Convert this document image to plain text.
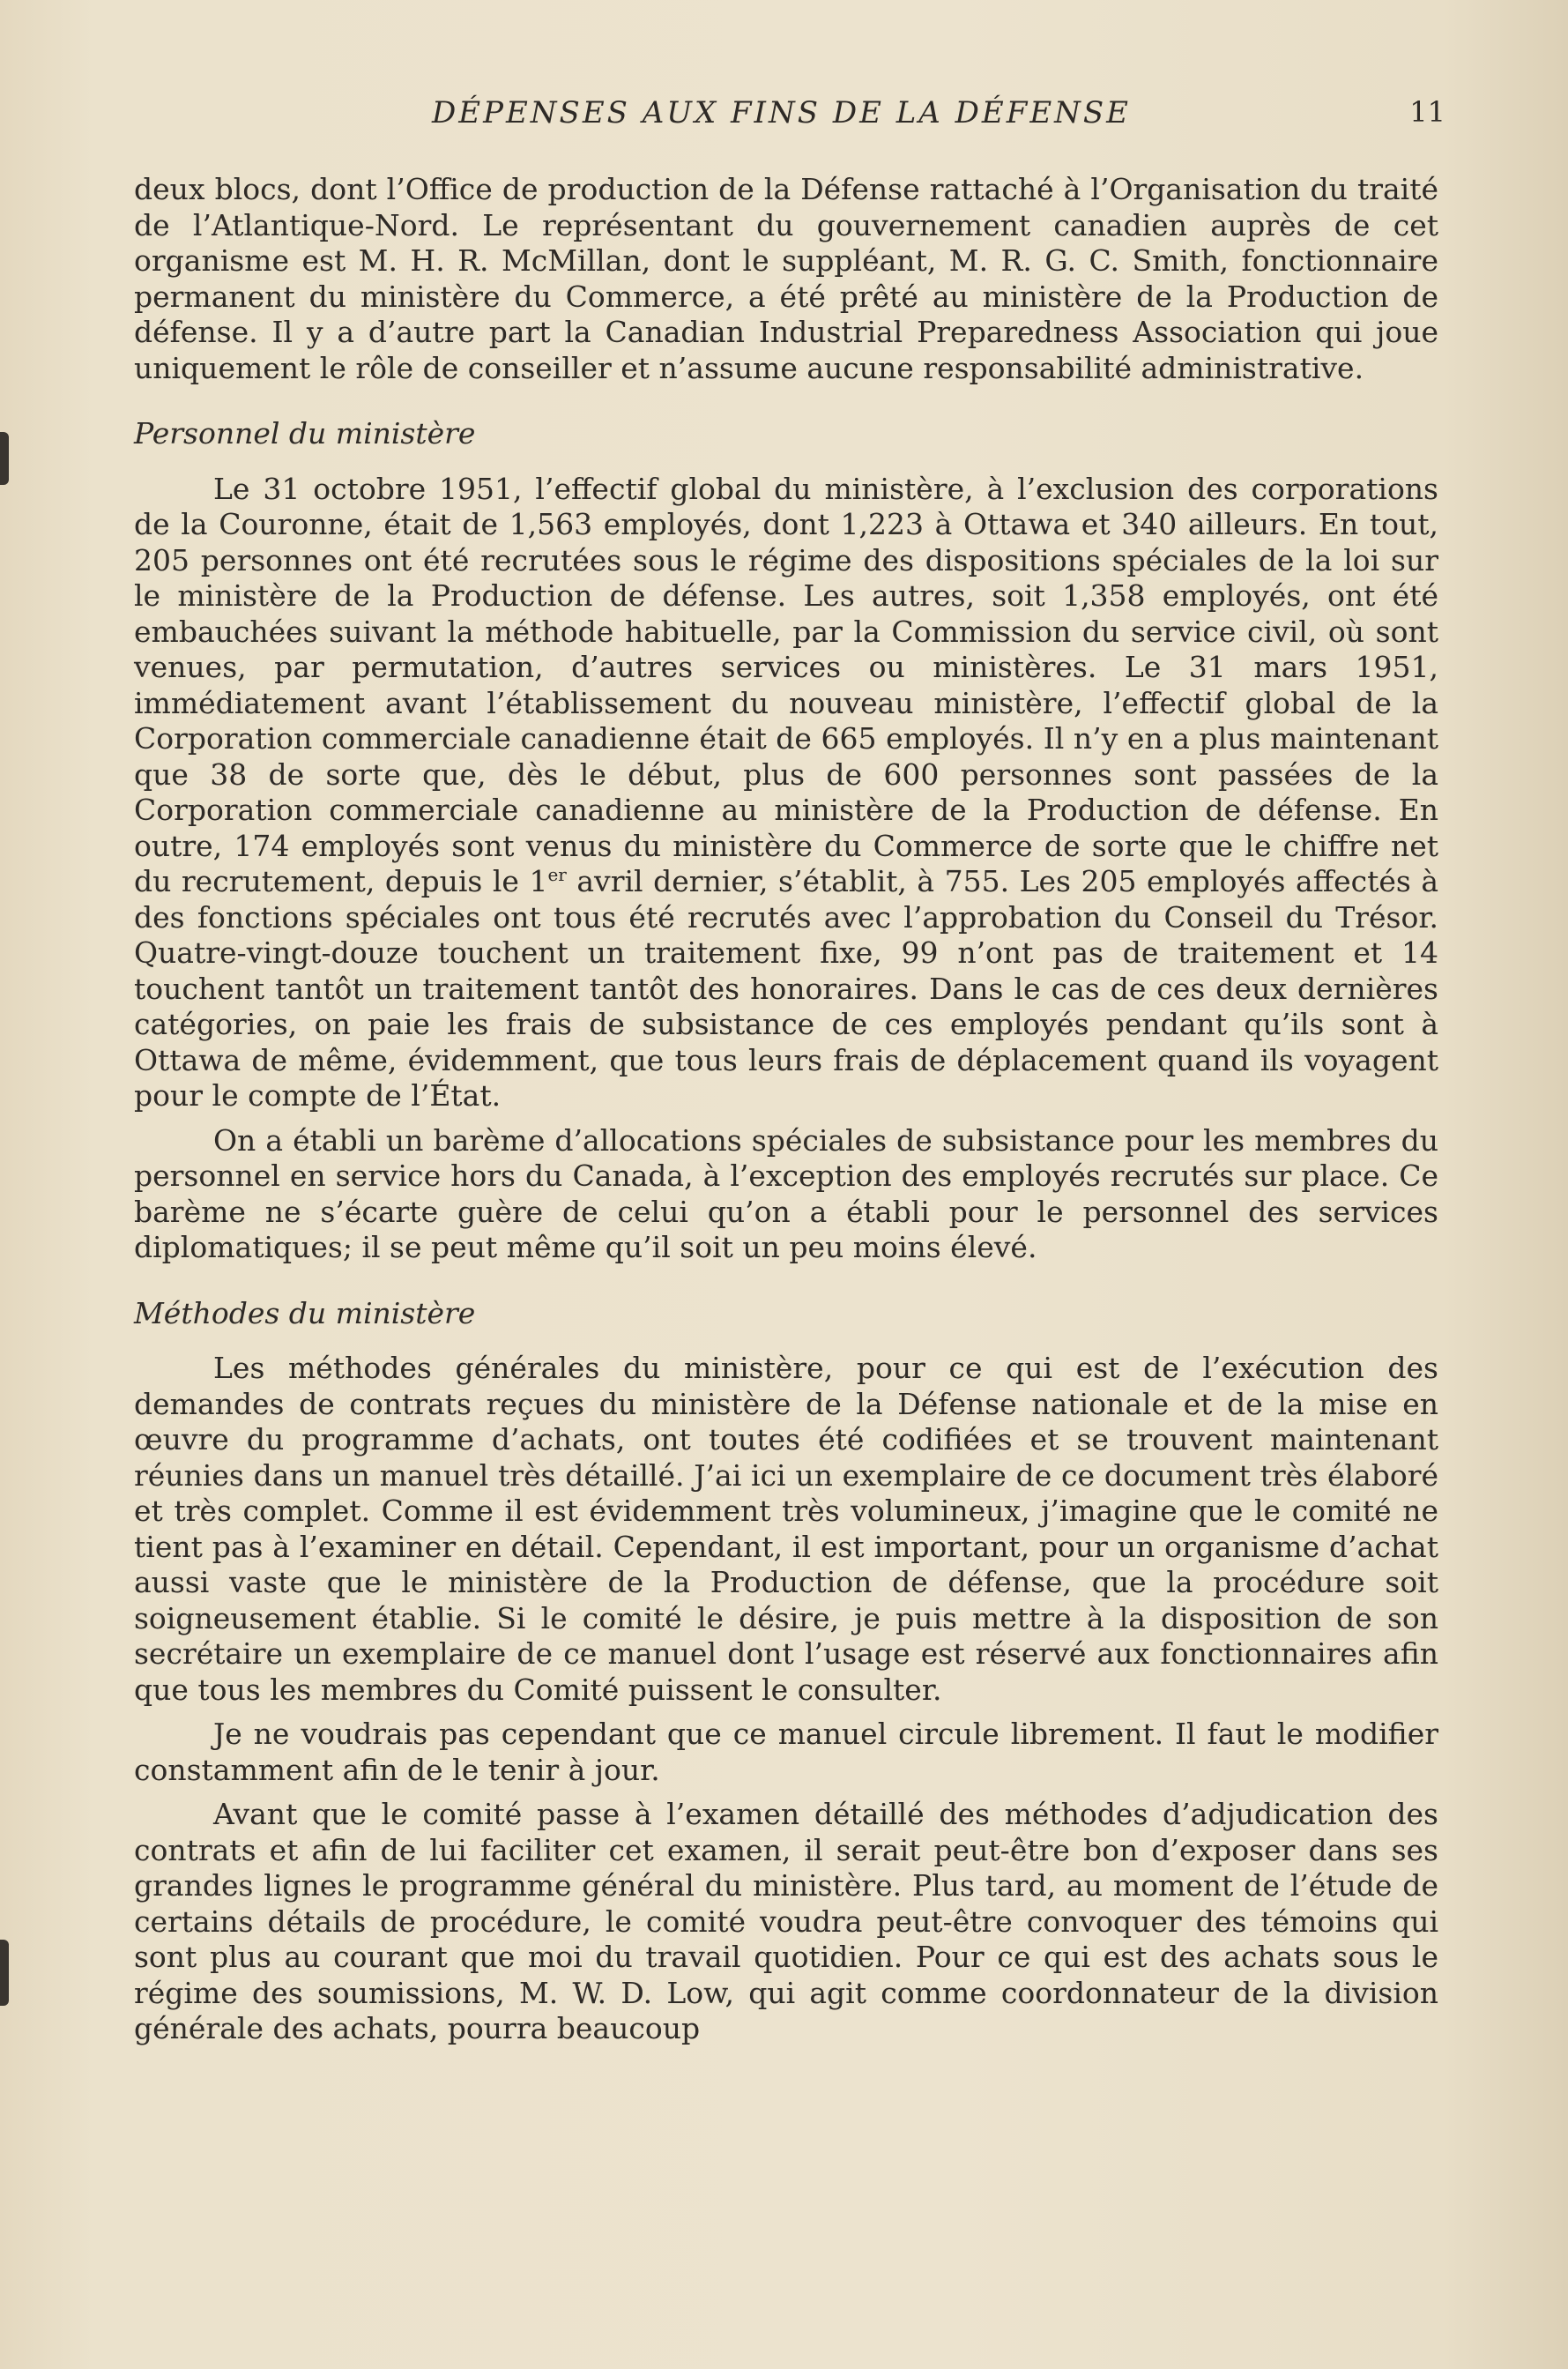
DÉPENSES AUX FINS DE LA DÉFENSE	11

deux blocs, dont l’Office de production de la Défense rattaché à l’Organisation du traité de l’Atlantique-Nord. Le représentant du gouvernement canadien auprès de cet organisme est M. H. R. McMillan, dont le suppléant, M. R. G. C. Smith, fonctionnaire permanent du ministère du Commerce, a été prêté au ministère de la Production de défense. Il y a d’autre part la Canadian Industrial Preparedness Association qui joue uniquement le rôle de conseiller et n’assume aucune responsabilité administrative.

Personnel du ministère

Le 31 octobre 1951, l’effectif global du ministère, à l’exclusion des corporations de la Couronne, était de 1,563 employés, dont 1,223 à Ottawa et 340 ailleurs. En tout, 205 personnes ont été recrutées sous le régime des dispositions spéciales de la loi sur le ministère de la Production de défense. Les autres, soit 1,358 employés, ont été embauchées suivant la méthode habituelle, par la Commission du service civil, où sont venues, par permutation, d’autres services ou ministères. Le 31 mars 1951, immédiatement avant l’établissement du nouveau ministère, l’effectif global de la Corporation commerciale canadienne était de 665 employés. Il n’y en a plus maintenant que 38 de sorte que, dès le début, plus de 600 personnes sont passées de la Corporation commerciale canadienne au ministère de la Production de défense. En outre, 174 employés sont venus du ministère du Commerce de sorte que le chiffre net du recrutement, depuis le 1er avril dernier, s’établit, à 755. Les 205 employés affectés à des fonctions spéciales ont tous été recrutés avec l’approbation du Conseil du Trésor. Quatre-vingt-douze touchent un traitement fixe, 99 n’ont pas de traitement et 14 touchent tantôt un traitement tantôt des honoraires. Dans le cas de ces deux dernières catégories, on paie les frais de subsistance de ces employés pendant qu’ils sont à Ottawa de même, évidemment, que tous leurs frais de déplacement quand ils voyagent pour le compte de l’État.

On a établi un barème d’allocations spéciales de subsistance pour les membres du personnel en service hors du Canada, à l’exception des employés recrutés sur place. Ce barème ne s’écarte guère de celui qu’on a établi pour le personnel des services diplomatiques; il se peut même qu’il soit un peu moins élevé.

Méthodes du ministère

Les méthodes générales du ministère, pour ce qui est de l’exécution des demandes de contrats reçues du ministère de la Défense nationale et de la mise en œuvre du programme d’achats, ont toutes été codifiées et se trouvent maintenant réunies dans un manuel très détaillé. J’ai ici un exemplaire de ce document très élaboré et très complet. Comme il est évidemment très volumineux, j’imagine que le comité ne tient pas à l’examiner en détail. Cependant, il est important, pour un organisme d’achat aussi vaste que le ministère de la Production de défense, que la procédure soit soigneusement établie. Si le comité le désire, je puis mettre à la disposition de son secrétaire un exemplaire de ce manuel dont l’usage est réservé aux fonctionnaires afin que tous les membres du Comité puissent le consulter.

Je ne voudrais pas cependant que ce manuel circule librement. Il faut le modifier constamment afin de le tenir à jour.

Avant que le comité passe à l’examen détaillé des méthodes d’adjudication des contrats et afin de lui faciliter cet examen, il serait peut-être bon d’exposer dans ses grandes lignes le programme général du ministère. Plus tard, au moment de l’étude de certains détails de procédure, le comité voudra peut-être convoquer des témoins qui sont plus au courant que moi du travail quotidien. Pour ce qui est des achats sous le régime des soumissions, M. W. D. Low, qui agit comme coordonnateur de la division générale des achats, pourra beaucoup
